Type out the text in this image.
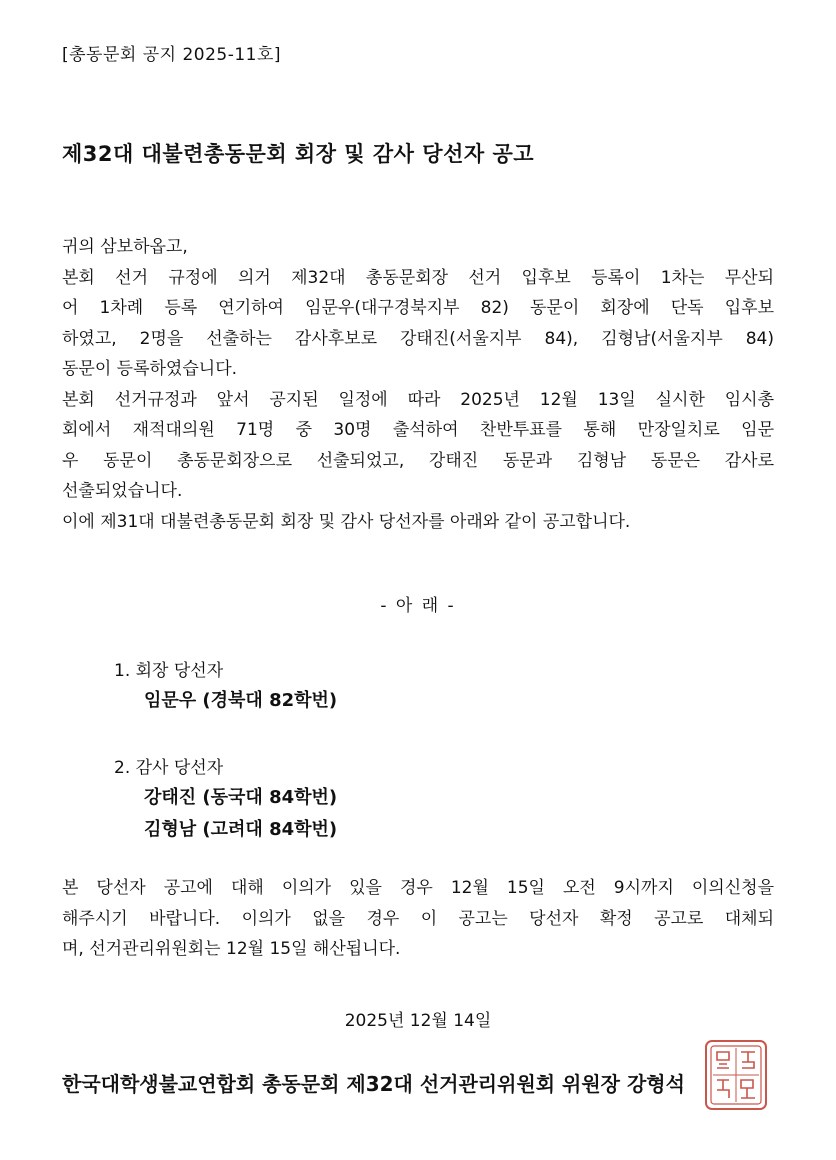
[총동문회 공지 2025-11호]
제32대 대불련총동문회 회장 및 감사 당선자 공고
귀의 삼보하옵고,
본회 선거 규정에 의거 제32대 총동문회장 선거 입후보 등록이 1차는 무산되
어 1차례 등록 연기하여 임문우(대구경북지부 82) 동문이 회장에 단독 입후보
하였고, 2명을 선출하는 감사후보로 강태진(서울지부 84), 김형남(서울지부 84)
동문이 등록하였습니다.
본회 선거규정과 앞서 공지된 일정에 따라 2025년 12월 13일 실시한 임시총
회에서 재적대의원 71명 중 30명 출석하여 찬반투표를 통해 만장일치로 임문
우 동문이 총동문회장으로 선출되었고, 강태진 동문과 김형남 동문은 감사로
선출되었습니다.
이에 제31대 대불련총동문회 회장 및 감사 당선자를 아래와 같이 공고합니다.
- 아 래 -
1. 회장 당선자
임문우 (경북대 82학번)
2. 감사 당선자
강태진 (동국대 84학번)
김형남 (고려대 84학번)
본 당선자 공고에 대해 이의가 있을 경우 12월 15일 오전 9시까지 이의신청을
해주시기 바랍니다. 이의가 없을 경우 이 공고는 당선자 확정 공고로 대체되
며, 선거관리위원회는 12월 15일 해산됩니다.
2025년 12월 14일
한국대학생불교연합회 총동문회 제32대 선거관리위원회 위원장 강형석
